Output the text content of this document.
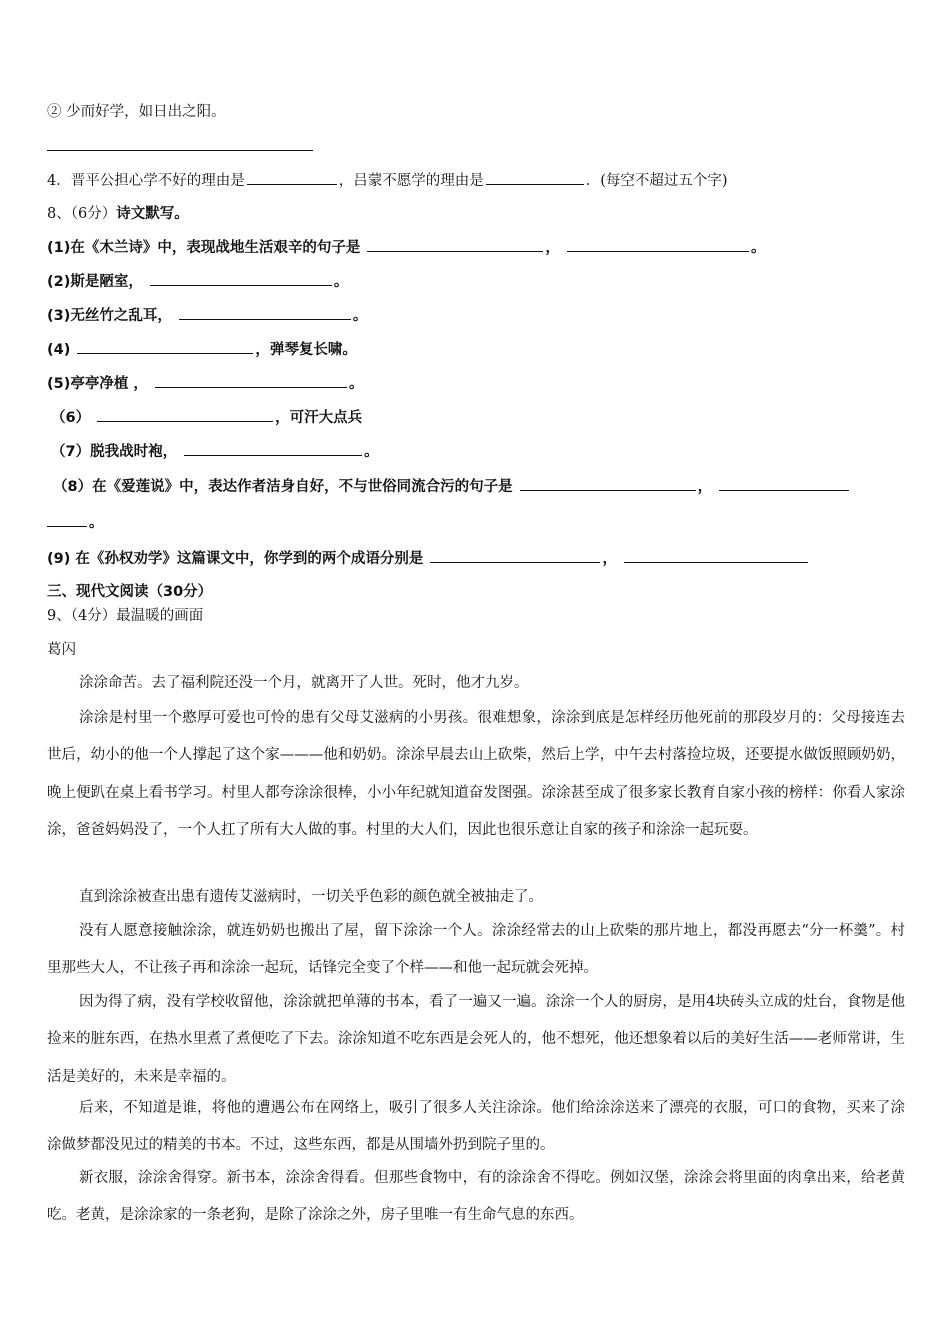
② 少而好学，如日出之阳。
4．晋平公担心学不好的理由是	，吕蒙不愿学的理由是	．(每空不超过五个字)
8、（6分）诗文默写。
(1)在《木兰诗》中，表现战地生活艰辛的句子是	，	。
(2)斯是陋室，	。
(3)无丝竹之乱耳，	。
(4)	，弹琴复长啸。
(5)亭亭净植 ，	。
（6）	，可汗大点兵
（7）脱我战时袍，	。
（8）在《爱莲说》中，表达作者洁身自好，不与世俗同流合污的句子是	，
。
(9) 在《孙权劝学》这篇课文中，你学到的两个成语分别是	，
三、现代文阅读（30分）
9、（4分）最温暖的画面
葛闪
涂涂命苦。去了福利院还没一个月，就离开了人世。死时，他才九岁。
涂涂是村里一个憨厚可爱也可怜的患有父母艾滋病的小男孩。很难想象，涂涂到底是怎样经历他死前的那段岁月的：父母接连去世后，幼小的他一个人撑起了这个家———他和奶奶。涂涂早晨去山上砍柴，然后上学，中午去村落捡垃圾，还要提水做饭照顾奶奶，晚上便趴在桌上看书学习。村里人都夸涂涂很棒，小小年纪就知道奋发图强。涂涂甚至成了很多家长教育自家小孩的榜样：你看人家涂涂，爸爸妈妈没了，一个人扛了所有大人做的事。村里的大人们，因此也很乐意让自家的孩子和涂涂一起玩耍。
直到涂涂被查出患有遗传艾滋病时，一切关乎色彩的颜色就全被抽走了。
没有人愿意接触涂涂，就连奶奶也搬出了屋，留下涂涂一个人。涂涂经常去的山上砍柴的那片地上，都没再愿去“分一杯羹”。村里那些大人，不让孩子再和涂涂一起玩，话锋完全变了个样——和他一起玩就会死掉。
因为得了病，没有学校收留他，涂涂就把单薄的书本，看了一遍又一遍。涂涂一个人的厨房，是用4块砖头立成的灶台，食物是他捡来的脏东西，在热水里煮了煮便吃了下去。涂涂知道不吃东西是会死人的，他不想死，他还想象着以后的美好生活——老师常讲，生活是美好的，未来是幸福的。
后来，不知道是谁，将他的遭遇公布在网络上，吸引了很多人关注涂涂。他们给涂涂送来了漂亮的衣服，可口的食物，买来了涂涂做梦都没见过的精美的书本。不过，这些东西，都是从围墙外扔到院子里的。
新衣服，涂涂舍得穿。新书本，涂涂舍得看。但那些食物中，有的涂涂舍不得吃。例如汉堡，涂涂会将里面的肉拿出来，给老黄吃。老黄，是涂涂家的一条老狗，是除了涂涂之外，房子里唯一有生命气息的东西。
